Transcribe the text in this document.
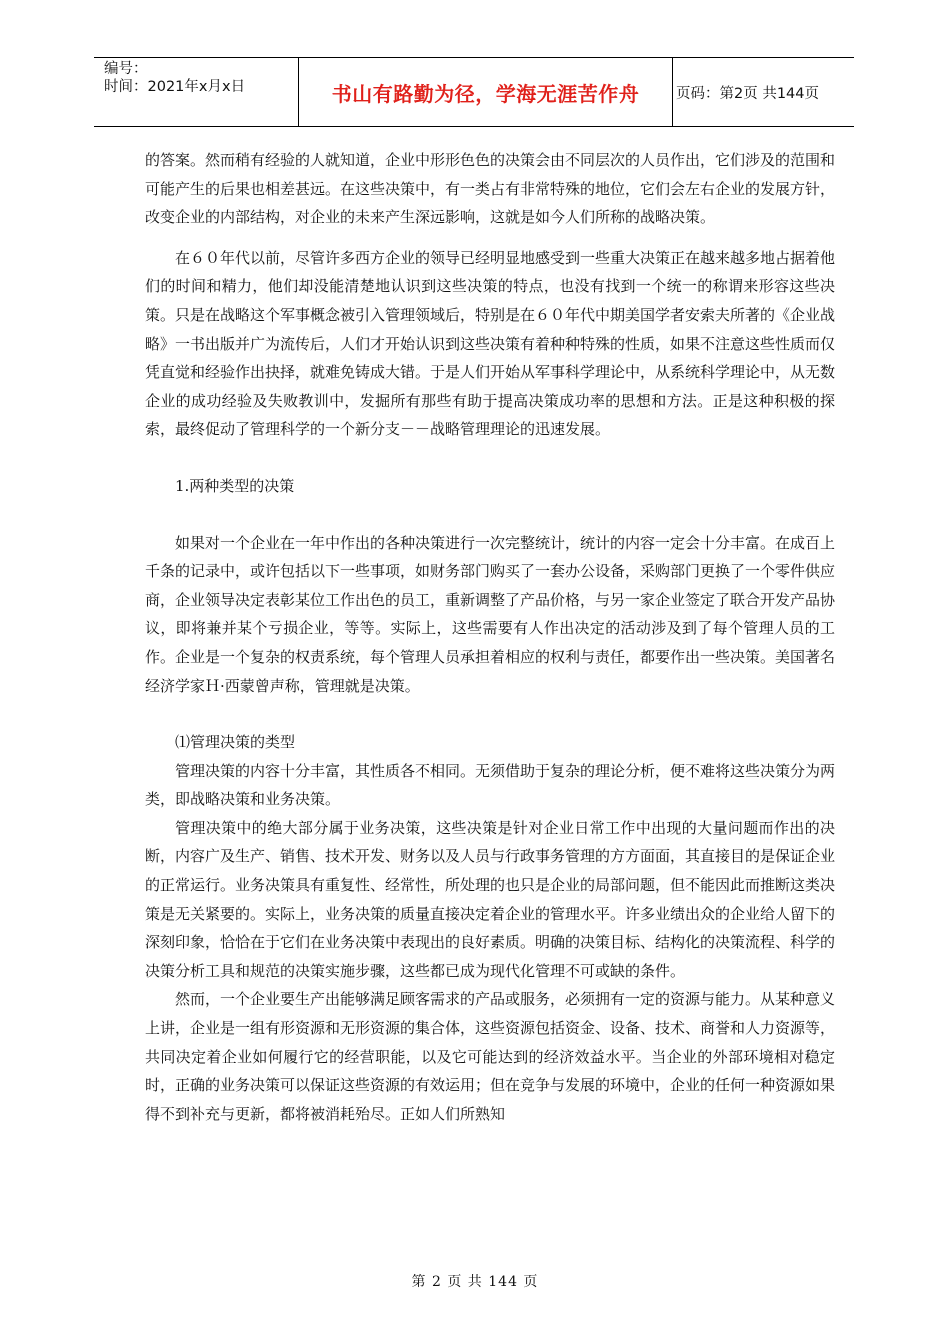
编号：
时间：2021年x月x日	书山有路勤为径，学海无涯苦作舟	页码：第2页 共144页

的答案。然而稍有经验的人就知道，企业中形形色色的决策会由不同层次的人员作出，它们涉及的范围和可能产生的后果也相差甚远。在这些决策中，有一类占有非常特殊的地位，它们会左右企业的发展方针，改变企业的内部结构，对企业的未来产生深远影响，这就是如今人们所称的战略决策。

在６０年代以前，尽管许多西方企业的领导已经明显地感受到一些重大决策正在越来越多地占据着他们的时间和精力，他们却没能清楚地认识到这些决策的特点，也没有找到一个统一的称谓来形容这些决策。只是在战略这个军事概念被引入管理领域后，特别是在６０年代中期美国学者安索夫所著的《企业战略》一书出版并广为流传后，人们才开始认识到这些决策有着种种特殊的性质，如果不注意这些性质而仅凭直觉和经验作出抉择，就难免铸成大错。于是人们开始从军事科学理论中，从系统科学理论中，从无数企业的成功经验及失败教训中，发掘所有那些有助于提高决策成功率的思想和方法。正是这种积极的探索，最终促动了管理科学的一个新分支－－战略管理理论的迅速发展。

1.两种类型的决策

如果对一个企业在一年中作出的各种决策进行一次完整统计，统计的内容一定会十分丰富。在成百上千条的记录中，或许包括以下一些事项，如财务部门购买了一套办公设备，采购部门更换了一个零件供应商，企业领导决定表彰某位工作出色的员工，重新调整了产品价格，与另一家企业签定了联合开发产品协议，即将兼并某个亏损企业，等等。实际上，这些需要有人作出决定的活动涉及到了每个管理人员的工作。企业是一个复杂的权责系统，每个管理人员承担着相应的权利与责任，都要作出一些决策。美国著名经济学家Ｈ·西蒙曾声称，管理就是决策。

⑴管理决策的类型

管理决策的内容十分丰富，其性质各不相同。无须借助于复杂的理论分析，便不难将这些决策分为两类，即战略决策和业务决策。

管理决策中的绝大部分属于业务决策，这些决策是针对企业日常工作中出现的大量问题而作出的决断，内容广及生产、销售、技术开发、财务以及人员与行政事务管理的方方面面，其直接目的是保证企业的正常运行。业务决策具有重复性、经常性，所处理的也只是企业的局部问题，但不能因此而推断这类决策是无关紧要的。实际上，业务决策的质量直接决定着企业的管理水平。许多业绩出众的企业给人留下的深刻印象，恰恰在于它们在业务决策中表现出的良好素质。明确的决策目标、结构化的决策流程、科学的决策分析工具和规范的决策实施步骤，这些都已成为现代化管理不可或缺的条件。

然而，一个企业要生产出能够满足顾客需求的产品或服务，必须拥有一定的资源与能力。从某种意义上讲，企业是一组有形资源和无形资源的集合体，这些资源包括资金、设备、技术、商誉和人力资源等，共同决定着企业如何履行它的经营职能，以及它可能达到的经济效益水平。当企业的外部环境相对稳定时，正确的业务决策可以保证这些资源的有效运用；但在竞争与发展的环境中，企业的任何一种资源如果得不到补充与更新，都将被消耗殆尽。正如人们所熟知

第 2 页 共 144 页
